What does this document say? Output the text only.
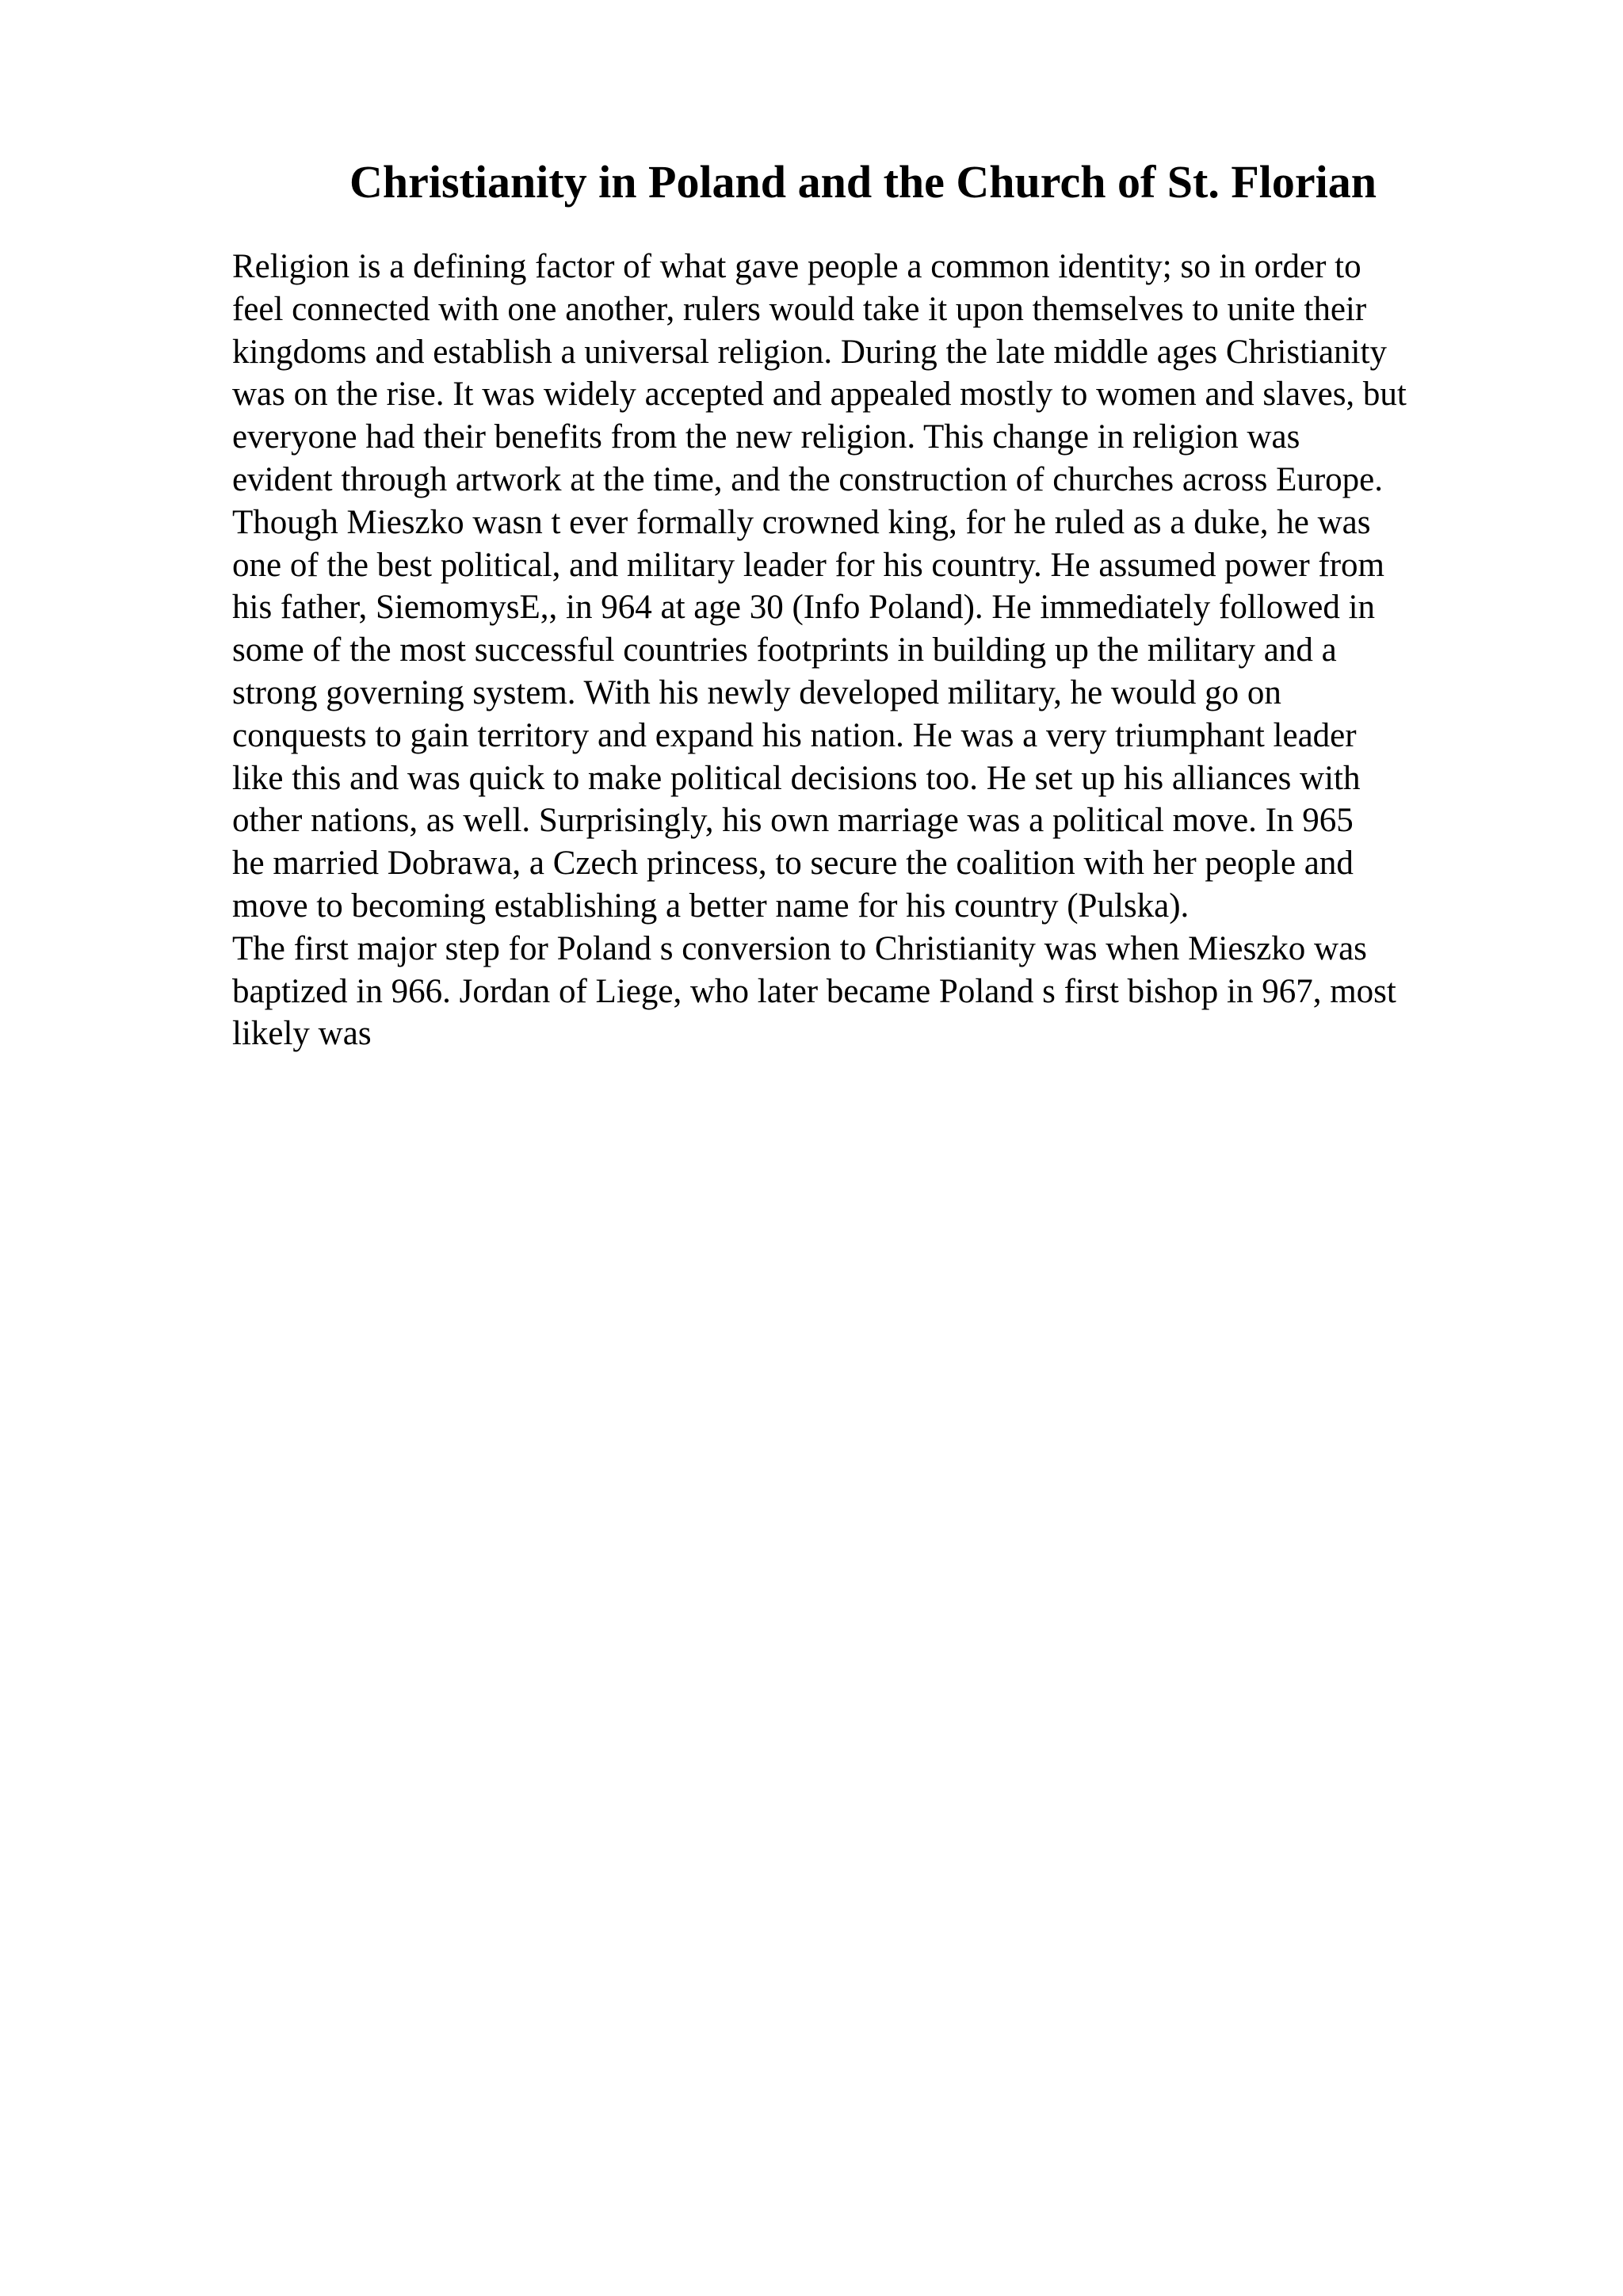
Christianity in Poland and the Church of St. Florian
Religion is a defining factor of what gave people a common identity; so in order to
feel connected with one another, rulers would take it upon themselves to unite their
kingdoms and establish a universal religion. During the late middle ages Christianity
was on the rise. It was widely accepted and appealed mostly to women and slaves, but
everyone had their benefits from the new religion. This change in religion was
evident through artwork at the time, and the construction of churches across Europe.
Though Mieszko wasn t ever formally crowned king, for he ruled as a duke, he was
one of the best political, and military leader for his country. He assumed power from
his father, SiemomysE,, in 964 at age 30 (Info Poland). He immediately followed in
some of the most successful countries footprints in building up the military and a
strong governing system. With his newly developed military, he would go on
conquests to gain territory and expand his nation. He was a very triumphant leader
like this and was quick to make political decisions too. He set up his alliances with
other nations, as well. Surprisingly, his own marriage was a political move. In 965
he married Dobrawa, a Czech princess, to secure the coalition with her people and
move to becoming establishing a better name for his country (Pulska).
The first major step for Poland s conversion to Christianity was when Mieszko was
baptized in 966. Jordan of Liege, who later became Poland s first bishop in 967, most
likely was
